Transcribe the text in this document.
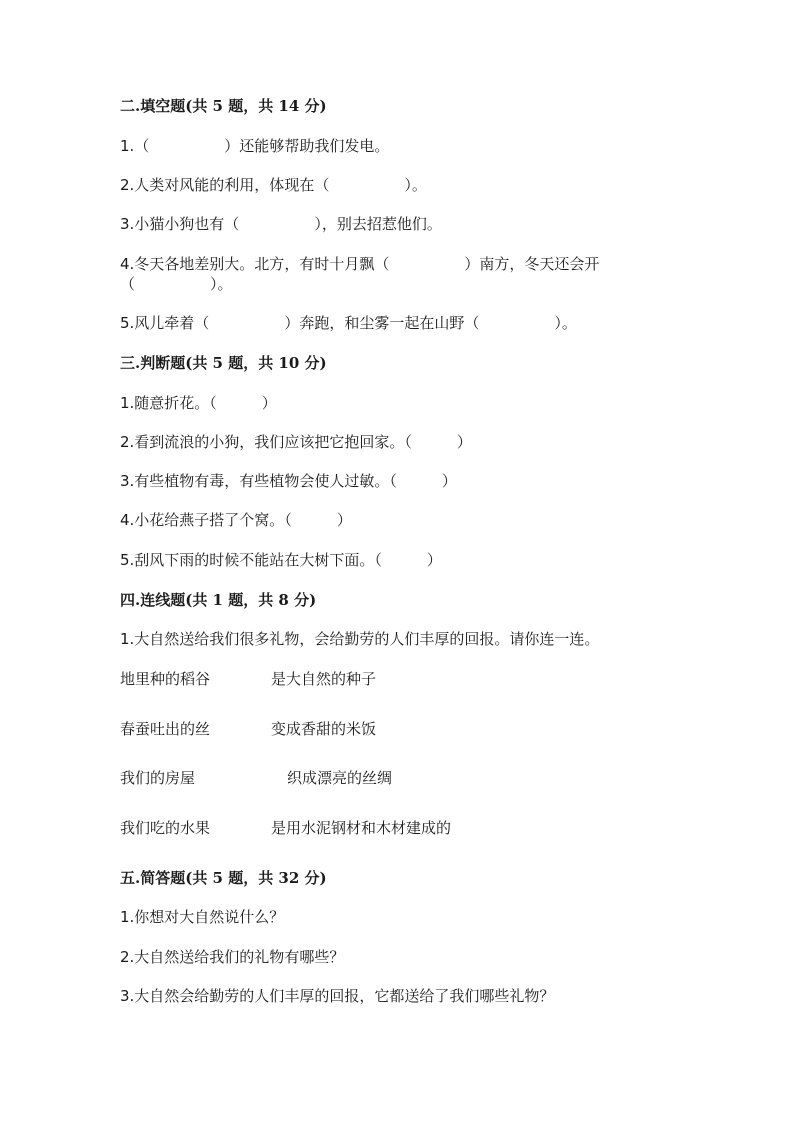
二.填空题(共 5 题，共 14 分)
1.（　　　　　）还能够帮助我们发电。
2.人类对风能的利用，体现在（　　　　　）。
3.小猫小狗也有（　　　　　），别去招惹他们。
4.冬天各地差别大。北方，有时十月飘（　　　　　）南方，冬天还会开
（　　　　　）。
5.风儿牵着（　　　　　）奔跑，和尘雾一起在山野（　　　　　）。
三.判断题(共 5 题，共 10 分)
1.随意折花。（　　　）
2.看到流浪的小狗，我们应该把它抱回家。（　　　）
3.有些植物有毒，有些植物会使人过敏。（　　　）
4.小花给燕子搭了个窝。（　　　）
5.刮风下雨的时候不能站在大树下面。（　　　）
四.连线题(共 1 题，共 8 分)
1.大自然送给我们很多礼物，会给勤劳的人们丰厚的回报。请你连一连。
地里种的稻谷	是大自然的种子
春蚕吐出的丝	变成香甜的米饭
我们的房屋	织成漂亮的丝绸
我们吃的水果	是用水泥钢材和木材建成的
五.简答题(共 5 题，共 32 分)
1.你想对大自然说什么？
2.大自然送给我们的礼物有哪些？
3.大自然会给勤劳的人们丰厚的回报，它都送给了我们哪些礼物？
